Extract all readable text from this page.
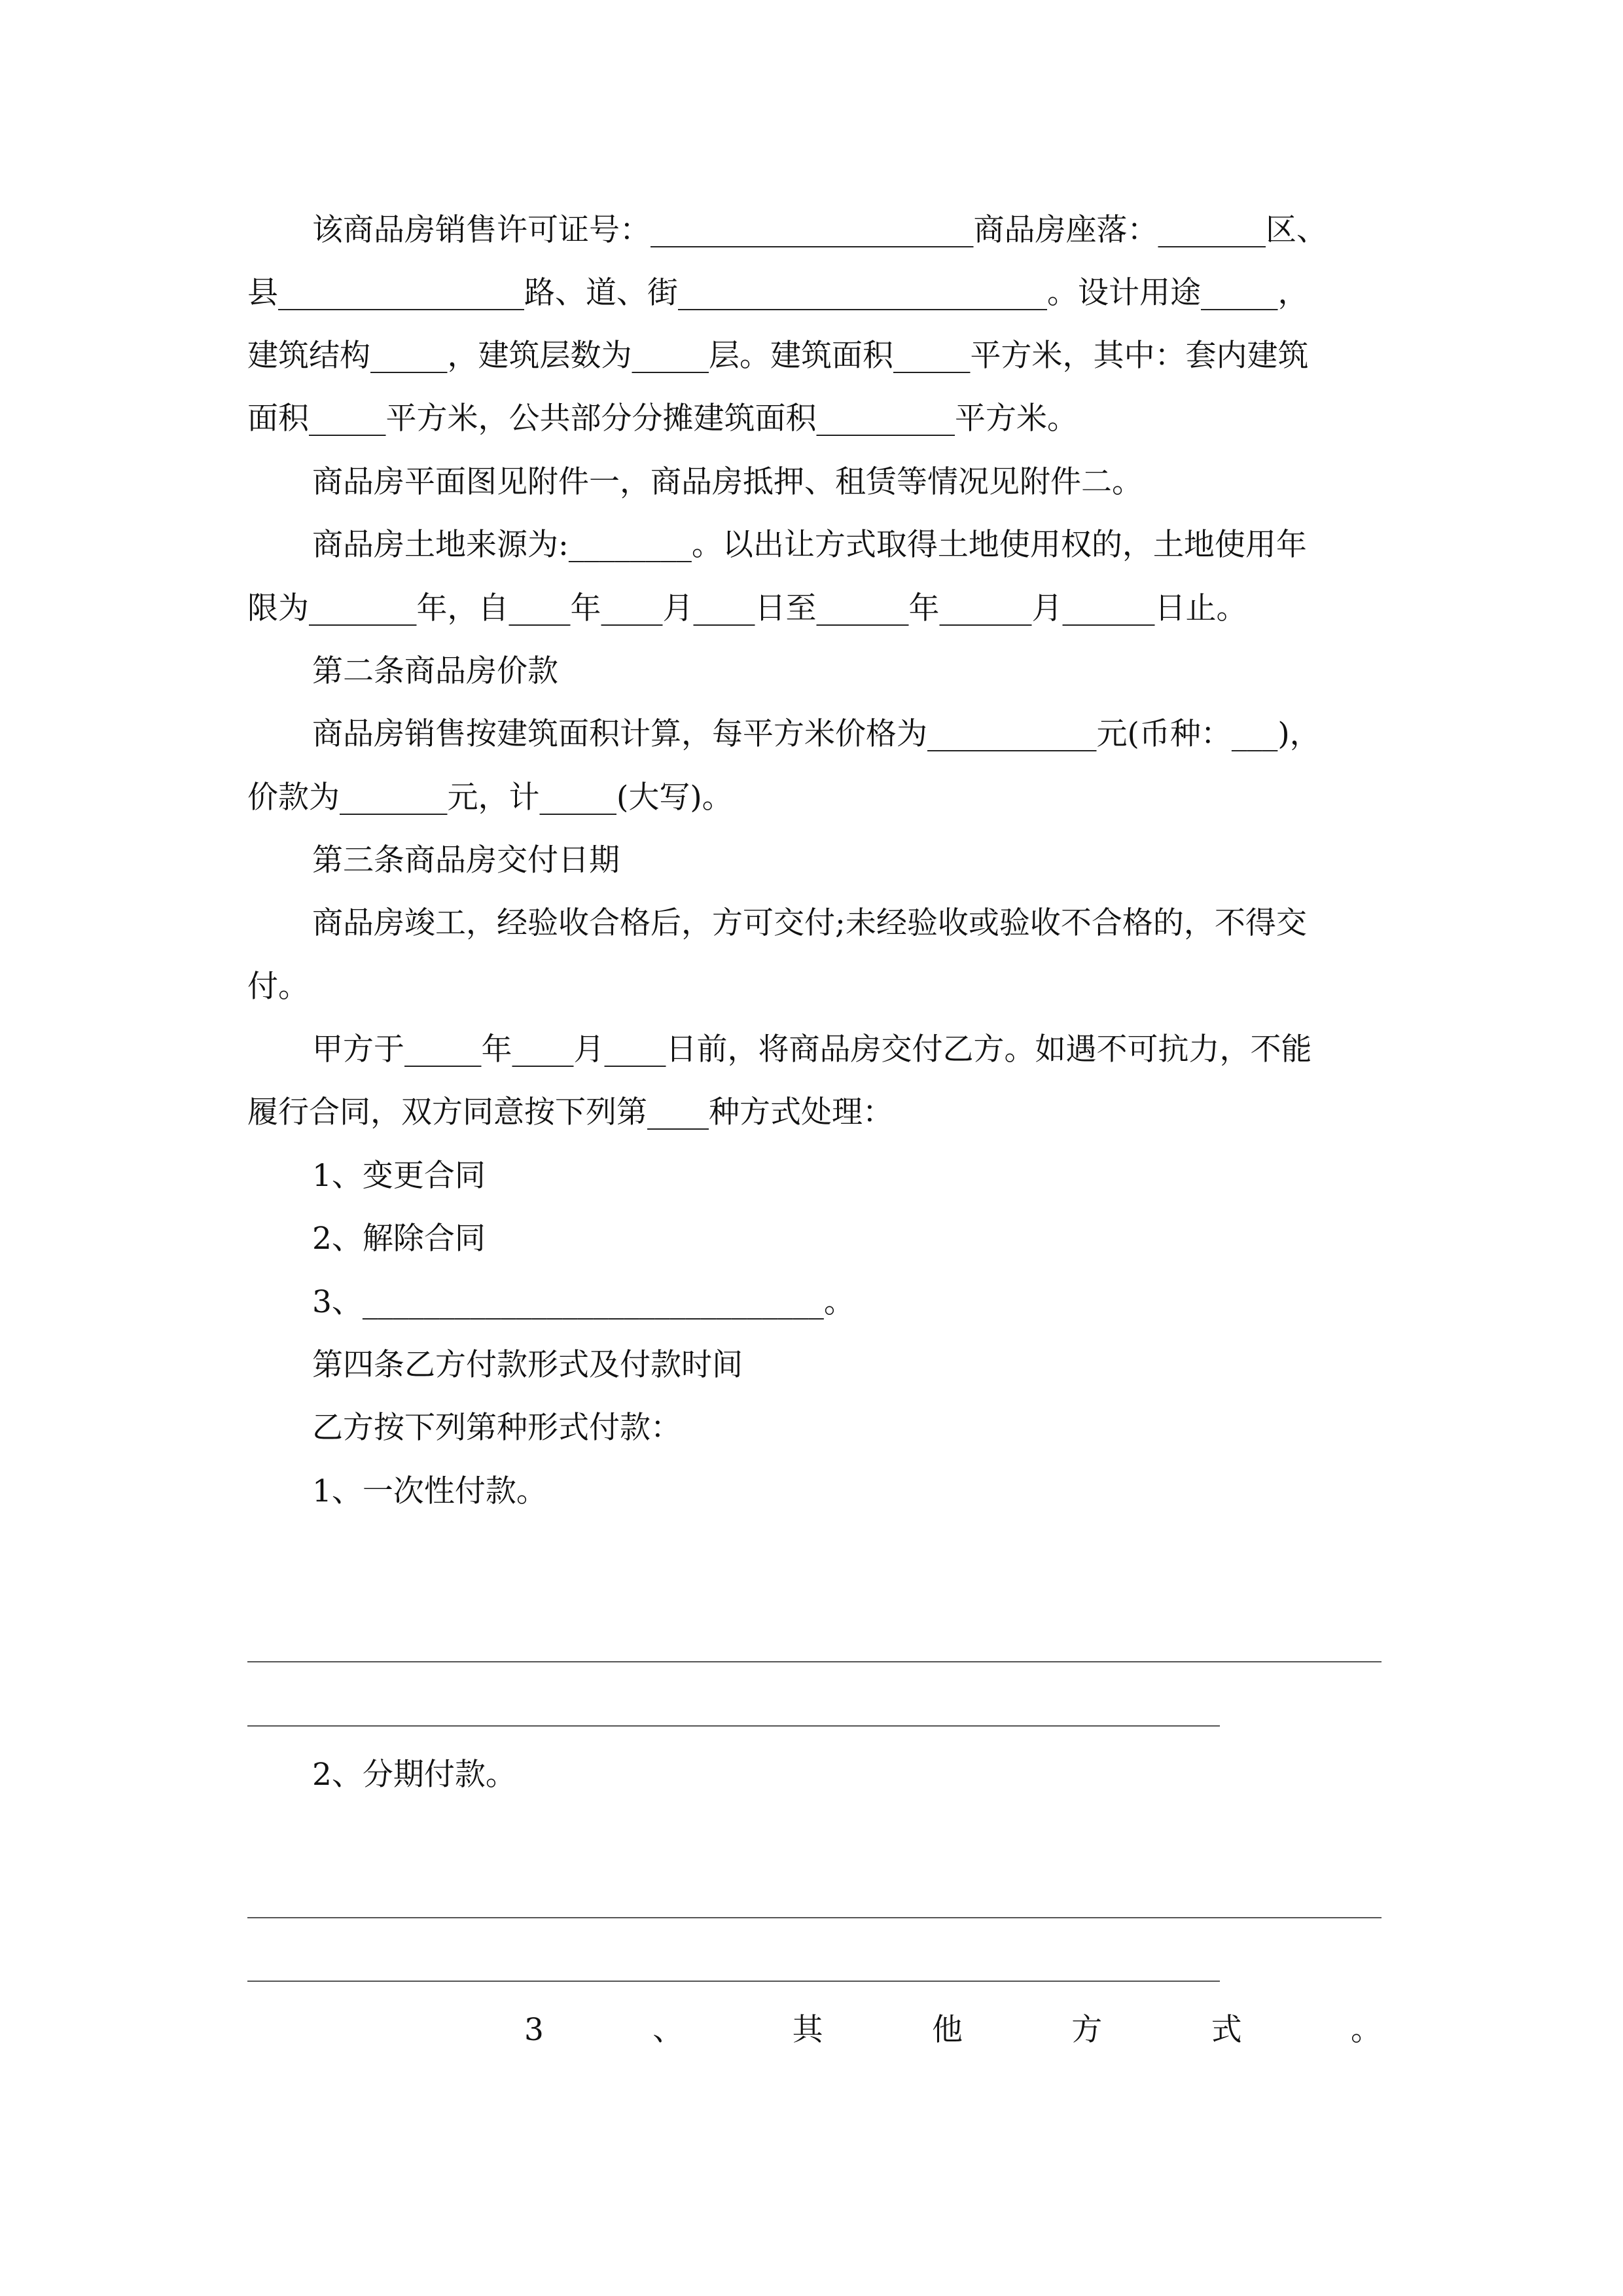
该商品房销售许可证号：_____________________商品房座落：_______区、
县________________路、道、街________________________。设计用途_____，
建筑结构_____，建筑层数为_____层。建筑面积_____平方米，其中：套内建筑
面积_____平方米，公共部分分摊建筑面积_________平方米。
商品房平面图见附件一，商品房抵押、租赁等情况见附件二。
商品房土地来源为:________。以出让方式取得土地使用权的，土地使用年
限为_______年，自____年____月____日至______年______月______日止。
第二条商品房价款
商品房销售按建筑面积计算，每平方米价格为___________元(币种：___)，
价款为_______元，计_____(大写)。
第三条商品房交付日期
商品房竣工，经验收合格后，方可交付;未经验收或验收不合格的，不得交
付。
甲方于_____年____月____日前，将商品房交付乙方。如遇不可抗力，不能
履行合同，双方同意按下列第____种方式处理：
1、变更合同
2、解除合同
3、______________________________。
第四条乙方付款形式及付款时间
乙方按下列第种形式付款：
1、一次性付款。
2、分期付款。
3	、	其	他	方	式	。
